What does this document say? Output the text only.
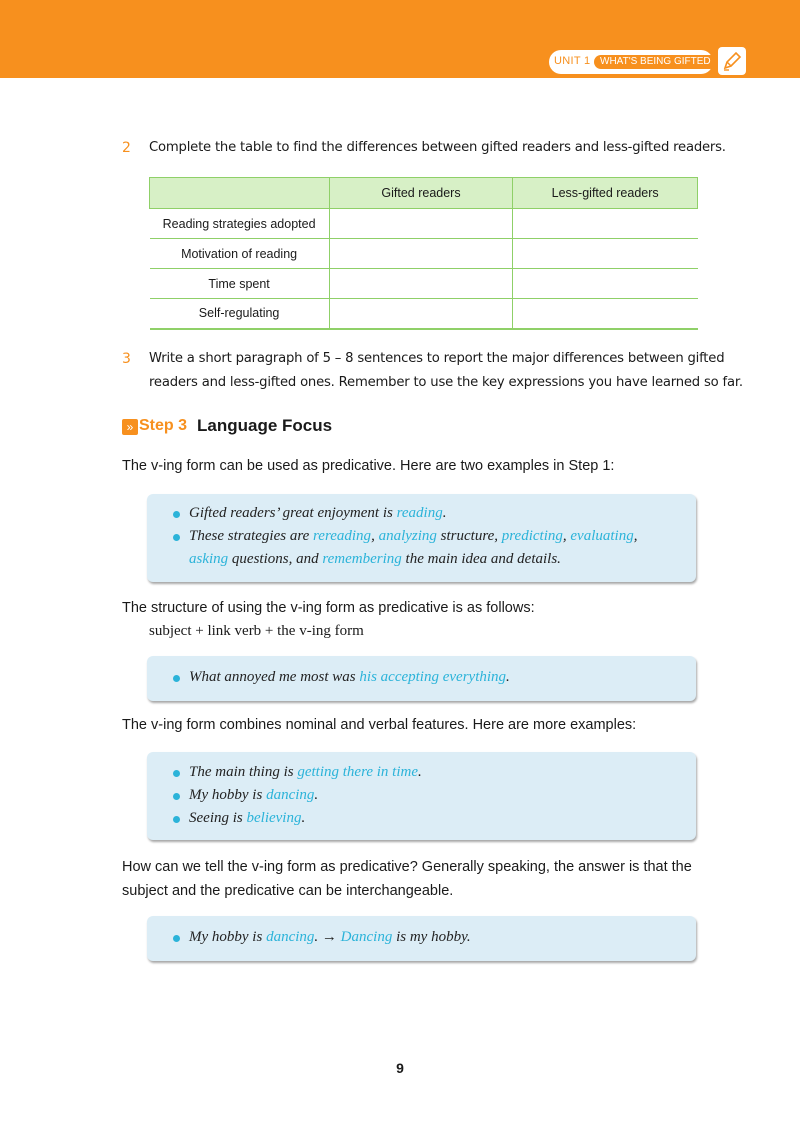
UNIT 1 WHAT'S BEING GIFTED
2 Complete the table to find the differences between gifted readers and less-gifted readers.
	Gifted readers	Less-gifted readers
Reading strategies adopted		
Motivation of reading		
Time spent		
Self-regulating		
3 Write a short paragraph of 5 – 8 sentences to report the major differences between gifted
readers and less-gifted ones. Remember to use the key expressions you have learned so far.
» Step 3 Language Focus
The v-ing form can be used as predicative. Here are two examples in Step 1:
Gifted readers’ great enjoyment is reading.
These strategies are rereading, analyzing structure, predicting, evaluating,
asking questions, and remembering the main idea and details.
The structure of using the v-ing form as predicative is as follows:
subject + link verb + the v-ing form
What annoyed me most was his accepting everything.
The v-ing form combines nominal and verbal features. Here are more examples:
The main thing is getting there in time.
My hobby is dancing.
Seeing is believing.
How can we tell the v-ing form as predicative? Generally speaking, the answer is that the
subject and the predicative can be interchangeable.
My hobby is dancing. → Dancing is my hobby.
9
